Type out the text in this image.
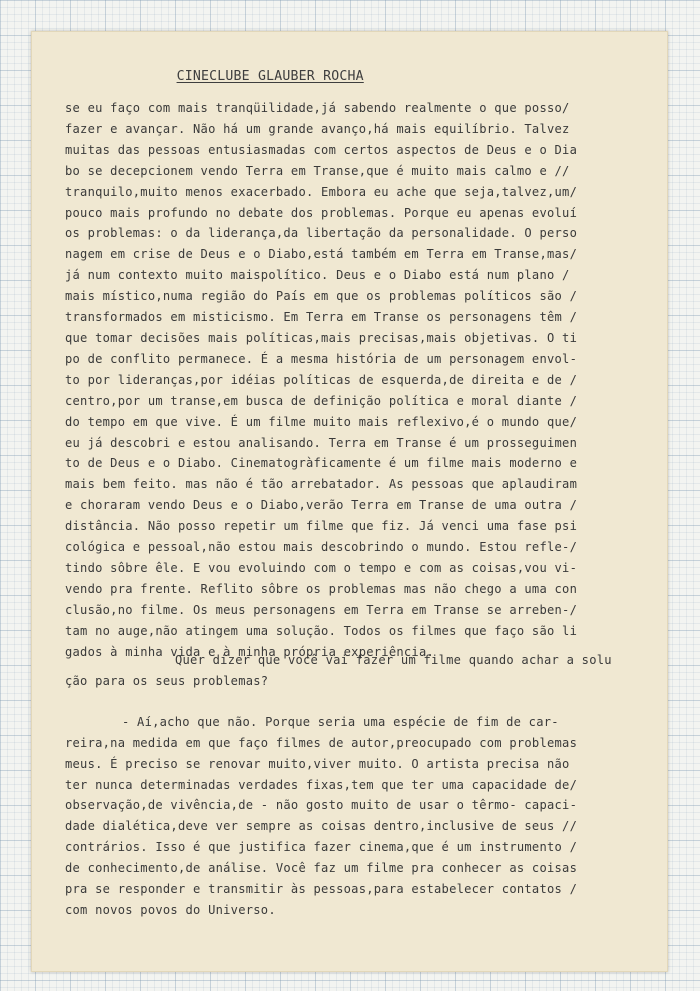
CINECLUBE GLAUBER ROCHA

se eu faço com mais tranqüilidade,já sabendo realmente o que posso/
fazer e avançar. Não há um grande avanço,há mais equilíbrio. Talvez
muitas das pessoas entusiasmadas com certos aspectos de Deus e o Dia
bo se decepcionem vendo Terra em Transe,que é muito mais calmo e //
tranquilo,muito menos exacerbado. Embora eu ache que seja,talvez,um/
pouco mais profundo no debate dos problemas. Porque eu apenas evoluí
os problemas: o da liderança,da libertação da personalidade. O perso
nagem em crise de Deus e o Diabo,está também em Terra em Transe,mas/
já num contexto muito maispolítico. Deus e o Diabo está num plano /
mais místico,numa região do País em que os problemas políticos são /
transformados em misticismo. Em Terra em Transe os personagens têm /
que tomar decisões mais políticas,mais precisas,mais objetivas. O ti
po de conflito permanece. É a mesma história de um personagem envol-
to por lideranças,por idéias políticas de esquerda,de direita e de /
centro,por um transe,em busca de definição política e moral diante /
do tempo em que vive. É um filme muito mais reflexivo,é o mundo que/
eu já descobri e estou analisando. Terra em Transe é um prosseguimen
to de Deus e o Diabo. Cinematogràficamente é um filme mais moderno e
mais bem feito. mas não é tão arrebatador. As pessoas que aplaudiram
e choraram vendo Deus e o Diabo,verão Terra em Transe de uma outra /
distância. Não posso repetir um filme que fiz. Já venci uma fase psi
cológica e pessoal,não estou mais descobrindo o mundo. Estou refle-/
tindo sôbre êle. E vou evoluindo com o tempo e com as coisas,vou vi-
vendo pra frente. Reflito sôbre os problemas mas não chego a uma con
clusão,no filme. Os meus personagens em Terra em Transe se arreben-/
tam no auge,não atingem uma solução. Todos os filmes que faço são li
gados à minha vida e à minha própria experiência.
Quer dizer que você vai fazer um filme quando achar a solu
ção para os seus problemas?
- Aí,acho que não. Porque seria uma espécie de fim de car-
reira,na medida em que faço filmes de autor,preocupado com problemas
meus. É preciso se renovar muito,viver muito. O artista precisa não
ter nunca determinadas verdades fixas,tem que ter uma capacidade de/
observação,de vivência,de - não gosto muito de usar o têrmo- capaci-
dade dialética,deve ver sempre as coisas dentro,inclusive de seus //
contrários. Isso é que justifica fazer cinema,que é um instrumento /
de conhecimento,de análise. Você faz um filme pra conhecer as coisas
pra se responder e transmitir às pessoas,para estabelecer contatos /
com novos povos do Universo.
